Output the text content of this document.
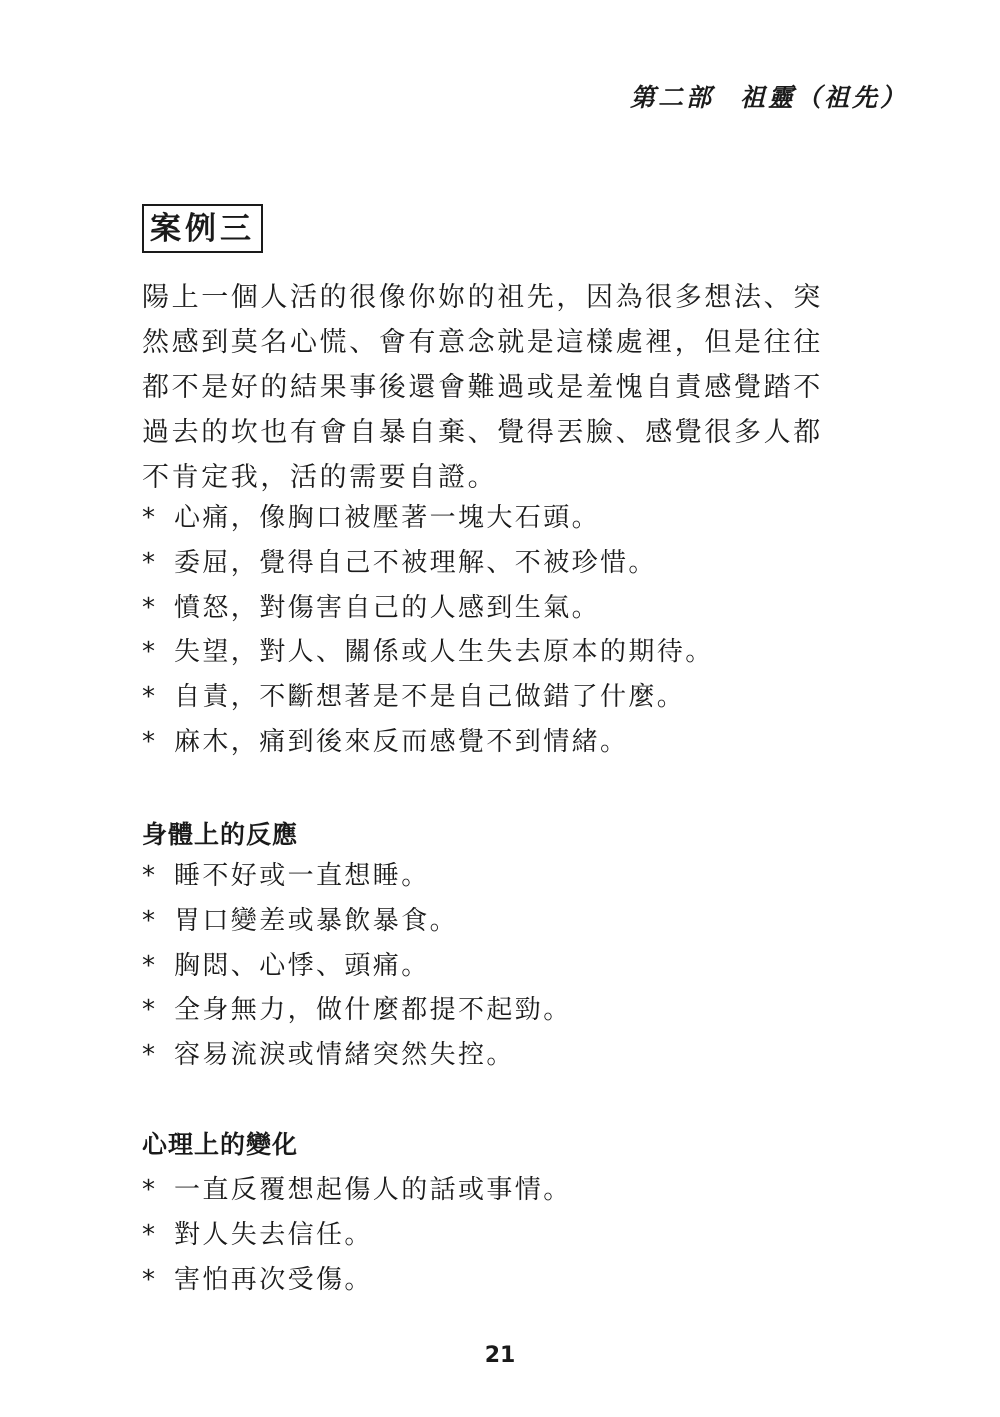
第二部 祖靈（祖先）
案例三
陽上一個人活的很像你妳的祖先，因為很多想法、突
然感到莫名心慌、會有意念就是這樣處裡，但是往往
都不是好的結果事後還會難過或是羞愧自責感覺踏不
過去的坎也有會自暴自棄、覺得丟臉、感覺很多人都
不肯定我，活的需要自證。
* 心痛，像胸口被壓著一塊大石頭。
* 委屈，覺得自己不被理解、不被珍惜。
* 憤怒，對傷害自己的人感到生氣。
* 失望，對人、關係或人生失去原本的期待。
* 自責，不斷想著是不是自己做錯了什麼。
* 麻木，痛到後來反而感覺不到情緒。
身體上的反應
* 睡不好或一直想睡。
* 胃口變差或暴飲暴食。
* 胸悶、心悸、頭痛。
* 全身無力，做什麼都提不起勁。
* 容易流淚或情緒突然失控。
心理上的變化
* 一直反覆想起傷人的話或事情。
* 對人失去信任。
* 害怕再次受傷。
21
